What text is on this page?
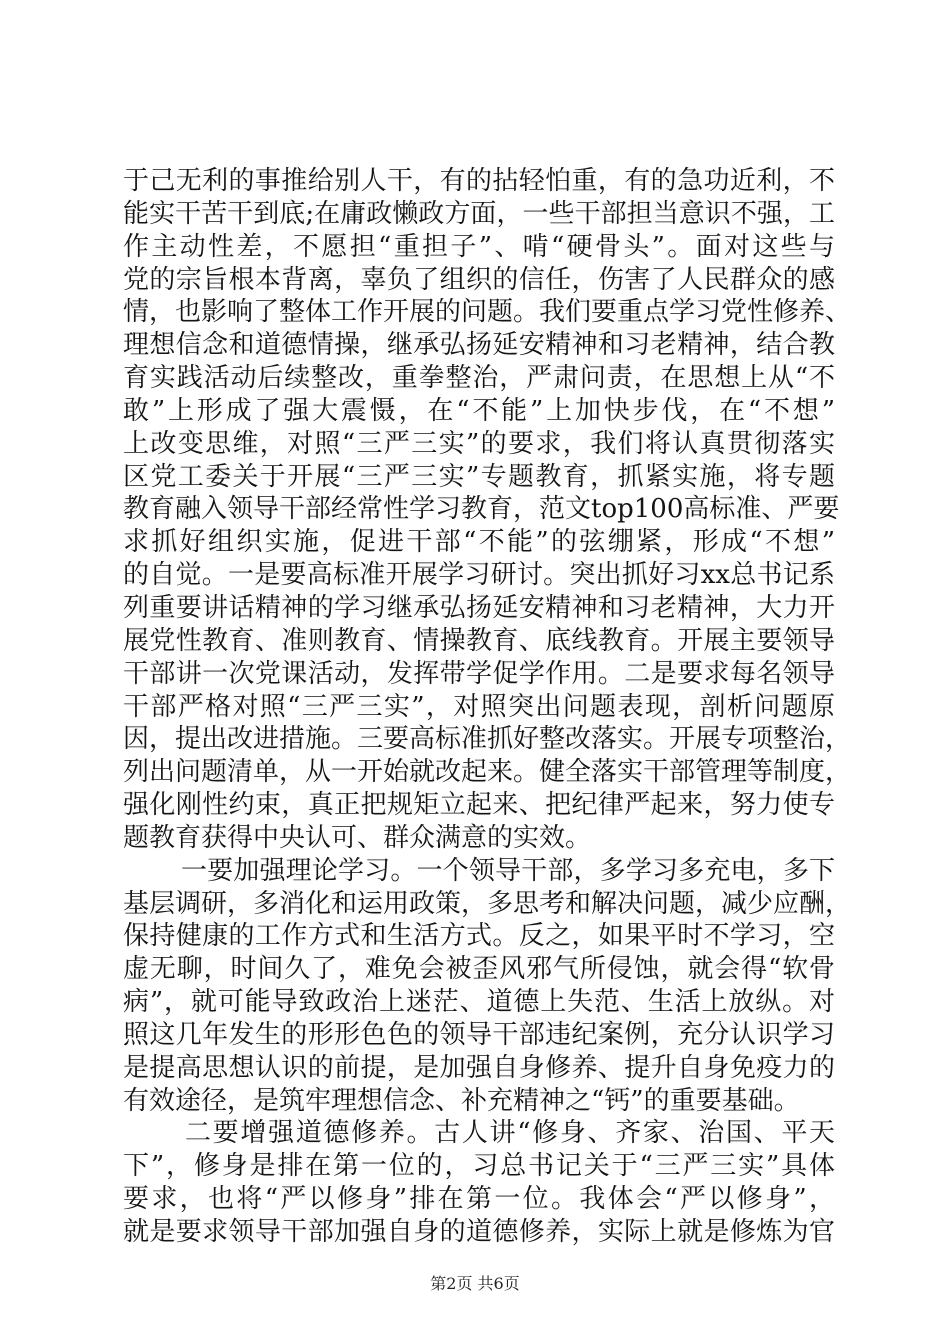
于己无利的事推给别人干，有的拈轻怕重，有的急功近利，不
能实干苦干到底;在庸政懒政方面，一些干部担当意识不强，工
作主动性差，不愿担“重担子”、啃“硬骨头”。面对这些与
党的宗旨根本背离，辜负了组织的信任，伤害了人民群众的感
情，也影响了整体工作开展的问题。我们要重点学习党性修养、
理想信念和道德情操，继承弘扬延安精神和习老精神，结合教
育实践活动后续整改，重拳整治，严肃问责，在思想上从“不
敢”上形成了强大震慑，在“不能”上加快步伐，在“不想”
上改变思维，对照“三严三实”的要求，我们将认真贯彻落实
区党工委关于开展“三严三实”专题教育，抓紧实施，将专题
教育融入领导干部经常性学习教育，范文top100高标准、严要
求抓好组织实施，促进干部“不能”的弦绷紧，形成“不想”
的自觉。一是要高标准开展学习研讨。突出抓好习xx总书记系
列重要讲话精神的学习继承弘扬延安精神和习老精神，大力开
展党性教育、准则教育、情操教育、底线教育。开展主要领导
干部讲一次党课活动，发挥带学促学作用。二是要求每名领导
干部严格对照“三严三实”，对照突出问题表现，剖析问题原
因，提出改进措施。三要高标准抓好整改落实。开展专项整治，
列出问题清单，从一开始就改起来。健全落实干部管理等制度，
强化刚性约束，真正把规矩立起来、把纪律严起来，努力使专
题教育获得中央认可、群众满意的实效。
一要加强理论学习。一个领导干部，多学习多充电，多下
基层调研，多消化和运用政策，多思考和解决问题，减少应酬，
保持健康的工作方式和生活方式。反之，如果平时不学习，空
虚无聊，时间久了，难免会被歪风邪气所侵蚀，就会得“软骨
病”，就可能导致政治上迷茫、道德上失范、生活上放纵。对
照这几年发生的形形色色的领导干部违纪案例，充分认识学习
是提高思想认识的前提，是加强自身修养、提升自身免疫力的
有效途径，是筑牢理想信念、补充精神之“钙”的重要基础。
二要增强道德修养。古人讲“修身、齐家、治国、平天
下”，修身是排在第一位的，习总书记关于“三严三实”具体
要求，也将“严以修身”排在第一位。我体会“严以修身”，
就是要求领导干部加强自身的道德修养，实际上就是修炼为官
第2页 共6页
